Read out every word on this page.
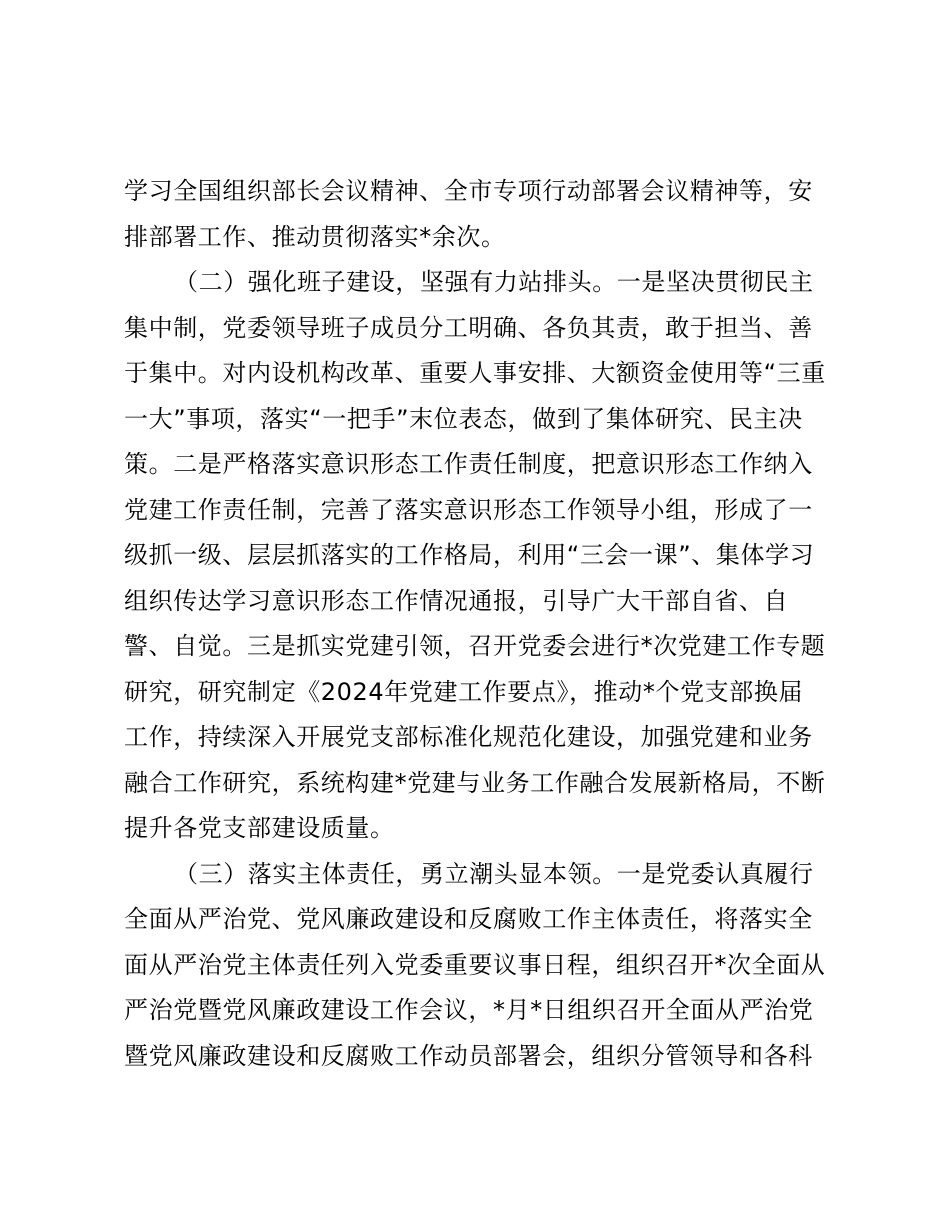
学习全国组织部长会议精神、全市专项行动部署会议精神等，安
排部署工作、推动贯彻落实*余次。
（二）强化班子建设，坚强有力站排头。一是坚决贯彻民主
集中制，党委领导班子成员分工明确、各负其责，敢于担当、善
于集中。对内设机构改革、重要人事安排、大额资金使用等“三重
一大”事项，落实“一把手”末位表态，做到了集体研究、民主决
策。二是严格落实意识形态工作责任制度，把意识形态工作纳入
党建工作责任制，完善了落实意识形态工作领导小组，形成了一
级抓一级、层层抓落实的工作格局，利用“三会一课”、集体学习
组织传达学习意识形态工作情况通报，引导广大干部自省、自
警、自觉。三是抓实党建引领，召开党委会进行*次党建工作专题
研究，研究制定《2024年党建工作要点》，推动*个党支部换届
工作，持续深入开展党支部标准化规范化建设，加强党建和业务
融合工作研究，系统构建*党建与业务工作融合发展新格局，不断
提升各党支部建设质量。
（三）落实主体责任，勇立潮头显本领。一是党委认真履行
全面从严治党、党风廉政建设和反腐败工作主体责任，将落实全
面从严治党主体责任列入党委重要议事日程，组织召开*次全面从
严治党暨党风廉政建设工作会议，*月*日组织召开全面从严治党
暨党风廉政建设和反腐败工作动员部署会，组织分管领导和各科
